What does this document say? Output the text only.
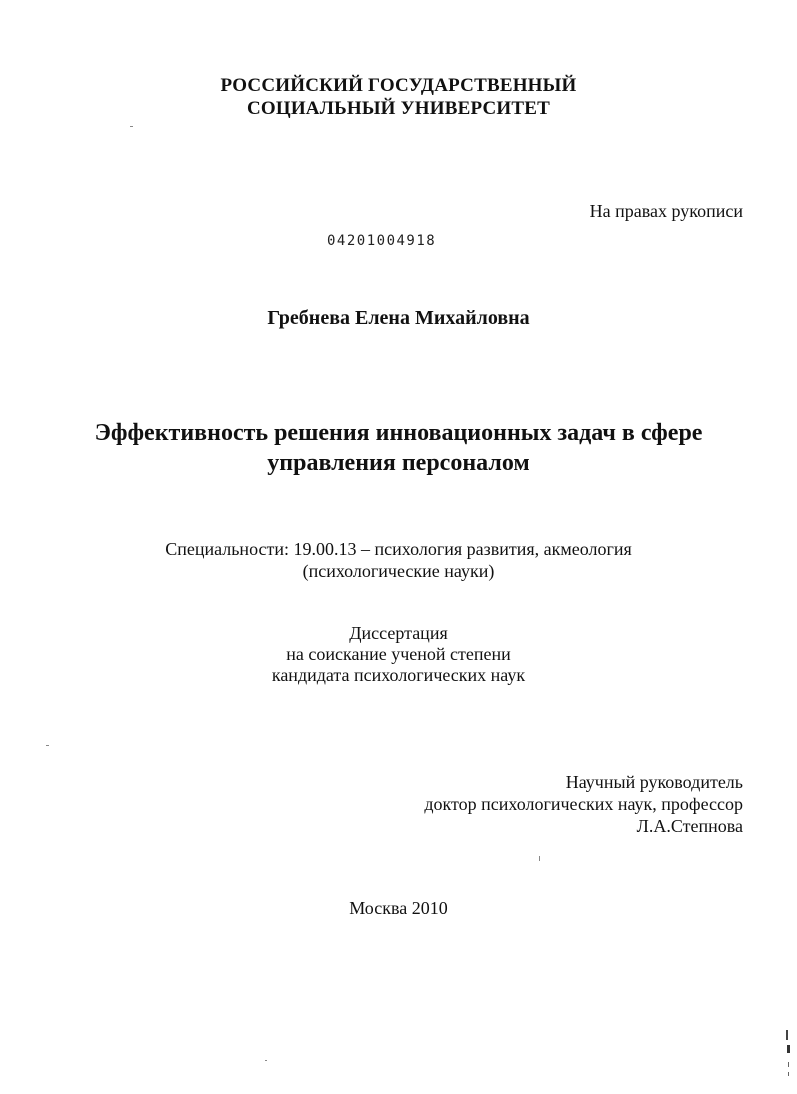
РОССИЙСКИЙ ГОСУДАРСТВЕННЫЙ
СОЦИАЛЬНЫЙ УНИВЕРСИТЕТ
На правах рукописи
04201004918
Гребнева Елена Михайловна
Эффективность решения инновационных задач в сфере
управления персоналом
Специальности: 19.00.13 – психология развития, акмеология
(психологические науки)
Диссертация
на соискание ученой степени
кандидата психологических наук
Научный руководитель
доктор психологических наук, профессор
Л.А.Степнова
Москва 2010
